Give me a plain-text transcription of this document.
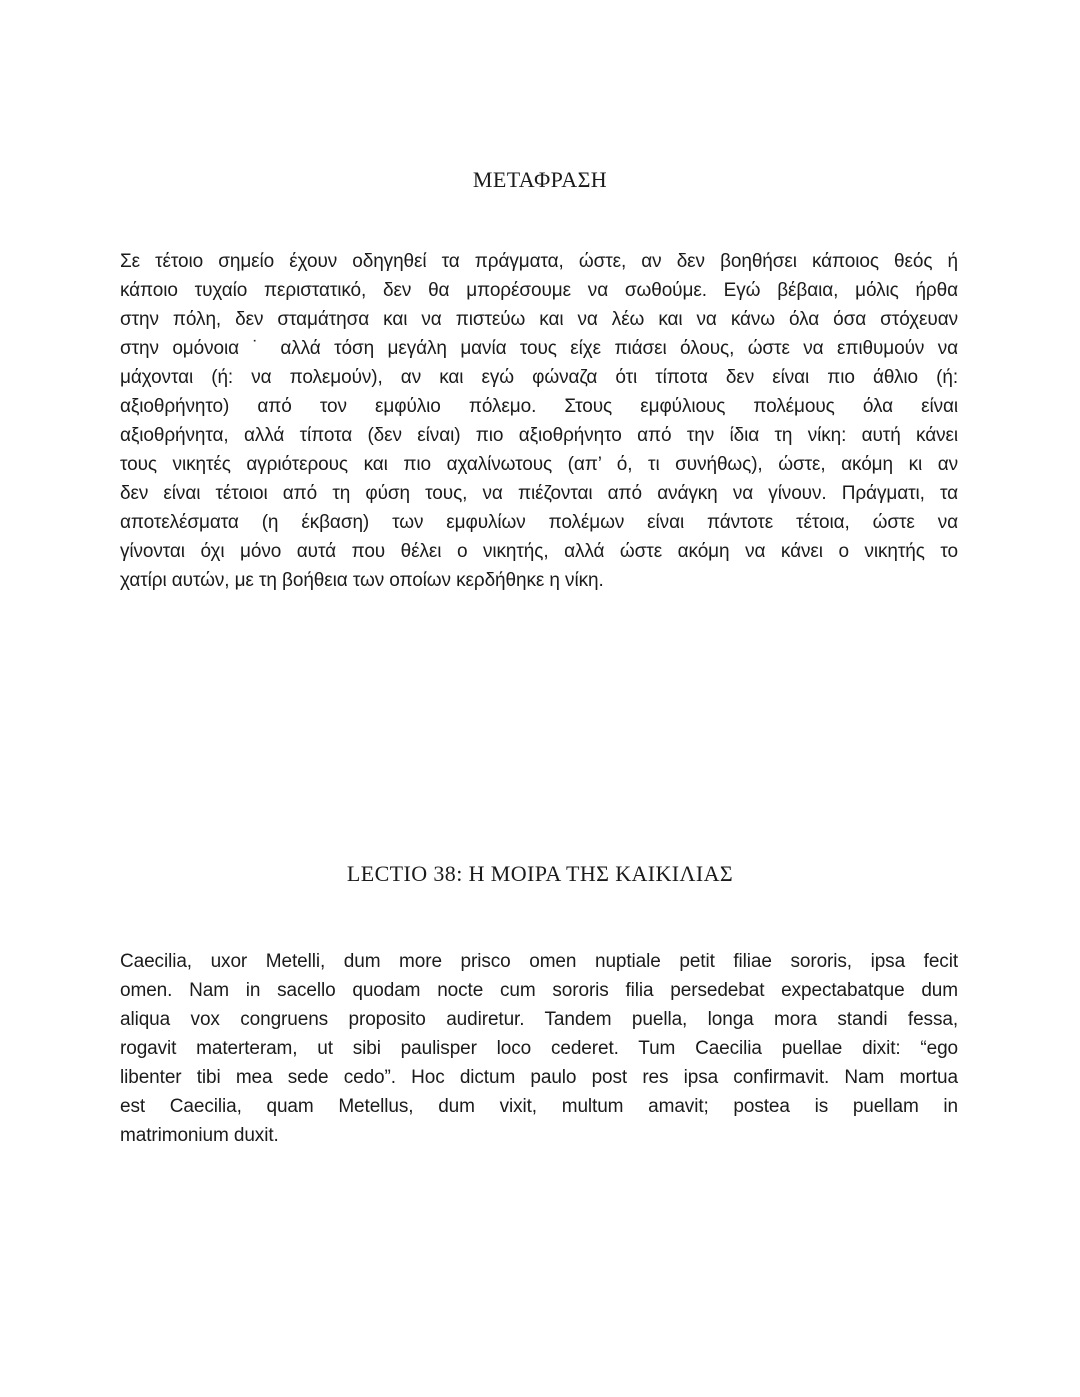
ΜΕΤΑΦΡΑΣΗ
Σε τέτοιο σημείο έχουν οδηγηθεί τα πράγματα, ώστε, αν δεν βοηθήσει κάποιος θεός ή
κάποιο τυχαίο περιστατικό, δεν θα μπορέσουμε να σωθούμε. Εγώ βέβαια, μόλις ήρθα
στην πόλη, δεν σταμάτησα και να πιστεύω και να λέω και να κάνω όλα όσα στόχευαν
στην ομόνοια ˙ αλλά τόση μεγάλη μανία τους είχε πιάσει όλους, ώστε να επιθυμούν να
μάχονται (ή: να πολεμούν), αν και εγώ φώναζα ότι τίποτα δεν είναι πιο άθλιο (ή:
αξιοθρήνητο) από τον εμφύλιο πόλεμο. Στους εμφύλιους πολέμους όλα είναι
αξιοθρήνητα, αλλά τίποτα (δεν είναι) πιο αξιοθρήνητο από την ίδια τη νίκη: αυτή κάνει
τους νικητές αγριότερους και πιο αχαλίνωτους (απ’ ό, τι συνήθως), ώστε, ακόμη κι αν
δεν είναι τέτοιοι από τη φύση τους, να πιέζονται από ανάγκη να γίνουν. Πράγματι, τα
αποτελέσματα (η έκβαση) των εμφυλίων πολέμων είναι πάντοτε τέτοια, ώστε να
γίνονται όχι μόνο αυτά που θέλει ο νικητής, αλλά ώστε ακόμη να κάνει ο νικητής το
χατίρι αυτών, με τη βοήθεια των οποίων κερδήθηκε η νίκη.
LECTIO 38: Η ΜΟΙΡΑ ΤΗΣ ΚΑΙΚΙΛΙΑΣ
Caecilia, uxor Metelli, dum more prisco omen nuptiale petit filiae sororis, ipsa fecit
omen. Nam in sacello quodam nocte cum sororis filia persedebat expectabatque dum
aliqua vox congruens proposito audiretur. Tandem puella, longa mora standi fessa,
rogavit materteram, ut sibi paulisper loco cederet. Tum Caecilia puellae dixit: “ego
libenter tibi mea sede cedo”. Hoc dictum paulo post res ipsa confirmavit. Nam mortua
est Caecilia, quam Metellus, dum vixit, multum amavit; postea is puellam in
matrimonium duxit.
